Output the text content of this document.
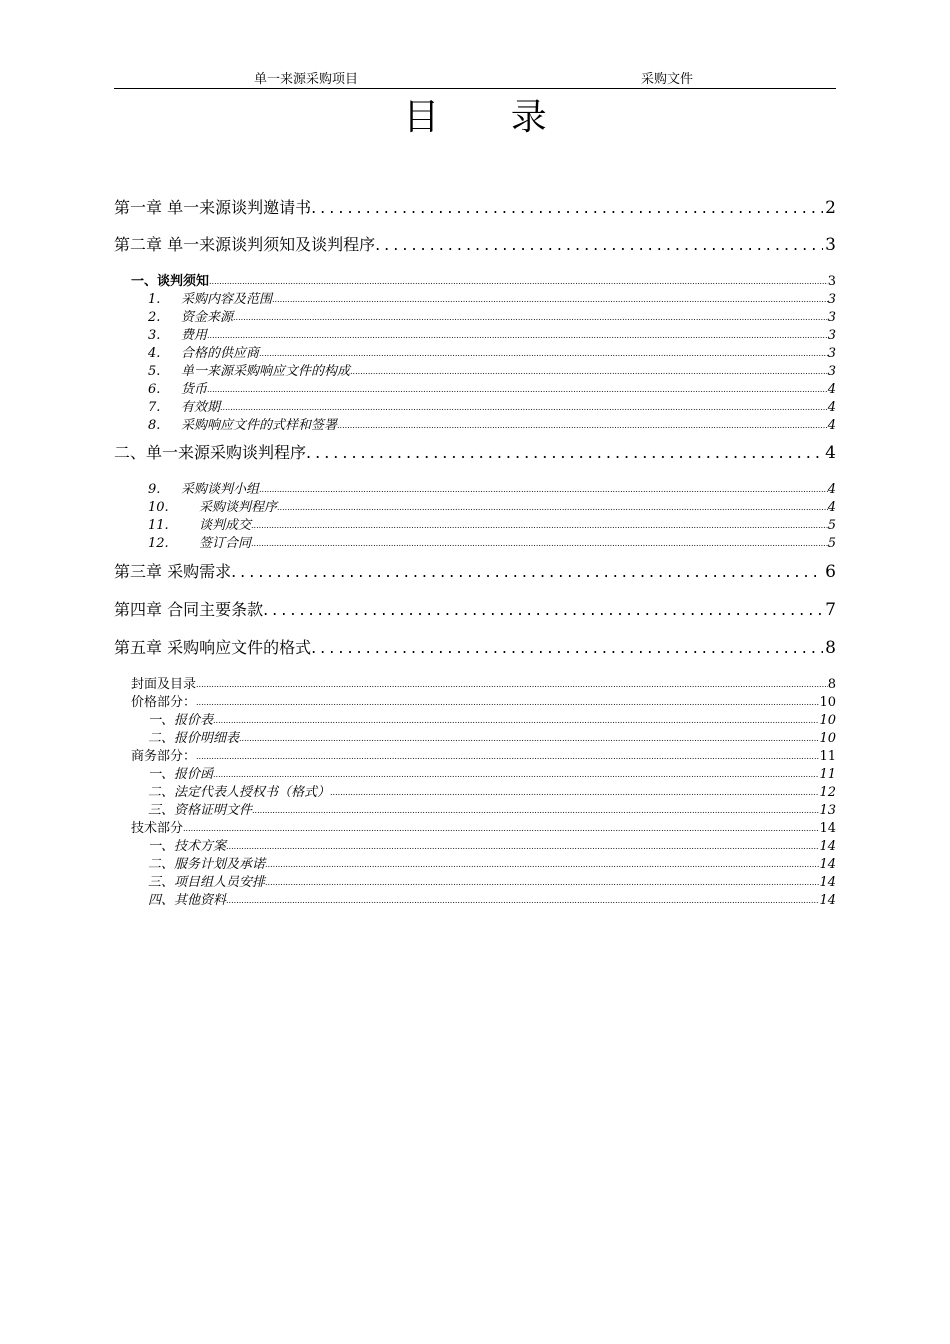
单一来源采购项目	采购文件
目 录
第一章 单一来源谈判邀请书 .....	2
第二章 单一来源谈判须知及谈判程序 .....	3
一、谈判须知 .....	3
1.	采购内容及范围 .....	3
2.	资金来源 .....	3
3.	费用 .....	3
4.	合格的供应商 .....	3
5.	单一来源采购响应文件的构成 .....	3
6.	货币 .....	4
7.	有效期 .....	4
8.	采购响应文件的式样和签署 .....	4
二、单一来源采购谈判程序 .....	4
9.	采购谈判小组 .....	4
10.	采购谈判程序 .....	4
11.	谈判成交 .....	5
12.	签订合同 .....	5
第三章 采购需求 .....	6
第四章 合同主要条款 .....	7
第五章 采购响应文件的格式 .....	8
封面及目录 .....	8
价格部分： .....	10
一、报价表 .....	10
二、报价明细表 .....	10
商务部分： .....	11
一、报价函 .....	11
二、法定代表人授权书（格式） .....	12
三、资格证明文件 .....	13
技术部分 .....	14
一、技术方案 .....	14
二、服务计划及承诺 .....	14
三、项目组人员安排 .....	14
四、其他资料 .....	14
